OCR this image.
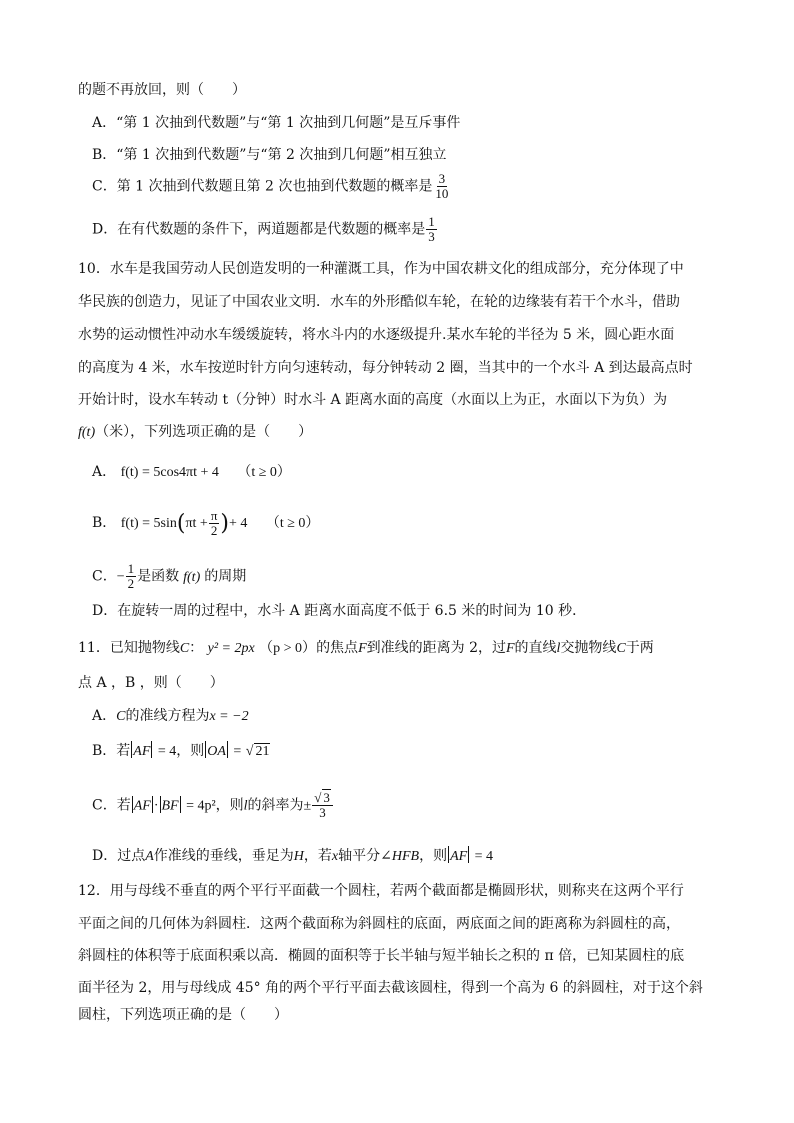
的题不再放回，则（　　）
A．“第 1 次抽到代数题”与“第 1 次抽到几何题”是互斥事件
B．“第 1 次抽到代数题”与“第 2 次抽到几何题”相互独立
C．第 1 次抽到代数题且第 2 次也抽到代数题的概率是 $\frac{3}{10}$
D．在有代数题的条件下，两道题都是代数题的概率是 $\frac{1}{3}$
10．水车是我国劳动人民创造发明的一种灌溉工具，作为中国农耕文化的组成部分，充分体现了中
华民族的创造力，见证了中国农业文明．水车的外形酷似车轮，在轮的边缘装有若干个水斗，借助
水势的运动惯性冲动水车缓缓旋转，将水斗内的水逐级提升.某水车轮的半径为 5 米，圆心距水面
的高度为 4 米，水车按逆时针方向匀速转动，每分钟转动 2 圈，当其中的一个水斗 A 到达最高点时
开始计时，设水车转动 t（分钟）时水斗 A 距离水面的高度（水面以上为正，水面以下为负）为
f(t)（米），下列选项正确的是（　　）
A． f(t) = 5cos4πt + 4 （t ≥ 0）
B． $f(t) = 5\sin(\pi t + \frac{\pi}{2}$ )+ 4 （t ≥ 0）
C．− $\frac{1}{2}$ 是函数 f(t) 的周期
D．在旋转一周的过程中，水斗 A 距离水面高度不低于 6.5 米的时间为 10 秒．
11．已知抛物线C： y² = 2px （p > 0）的焦点F到准线的距离为 2，过F的直线l交抛物线C于两
点 A ，B ，则（　　）
A．C的准线方程为x = −2
B．若 AF = 4，则 OA = √ 21
C．若 AF · BF = 4p²，则l的斜率为± $\frac{√ 3}{3}$
D．过点A作准线的垂线，垂足为H，若x轴平分∠HFB，则 AF = 4
12．用与母线不垂直的两个平行平面截一个圆柱，若两个截面都是椭圆形状，则称夹在这两个平行
平面之间的几何体为斜圆柱．这两个截面称为斜圆柱的底面，两底面之间的距离称为斜圆柱的高，
斜圆柱的体积等于底面积乘以高．椭圆的面积等于长半轴与短半轴长之积的 π 倍，已知某圆柱的底
面半径为 2，用与母线成 45° 角的两个平行平面去截该圆柱，得到一个高为 6 的斜圆柱，对于这个斜
圆柱，下列选项正确的是（　　）
